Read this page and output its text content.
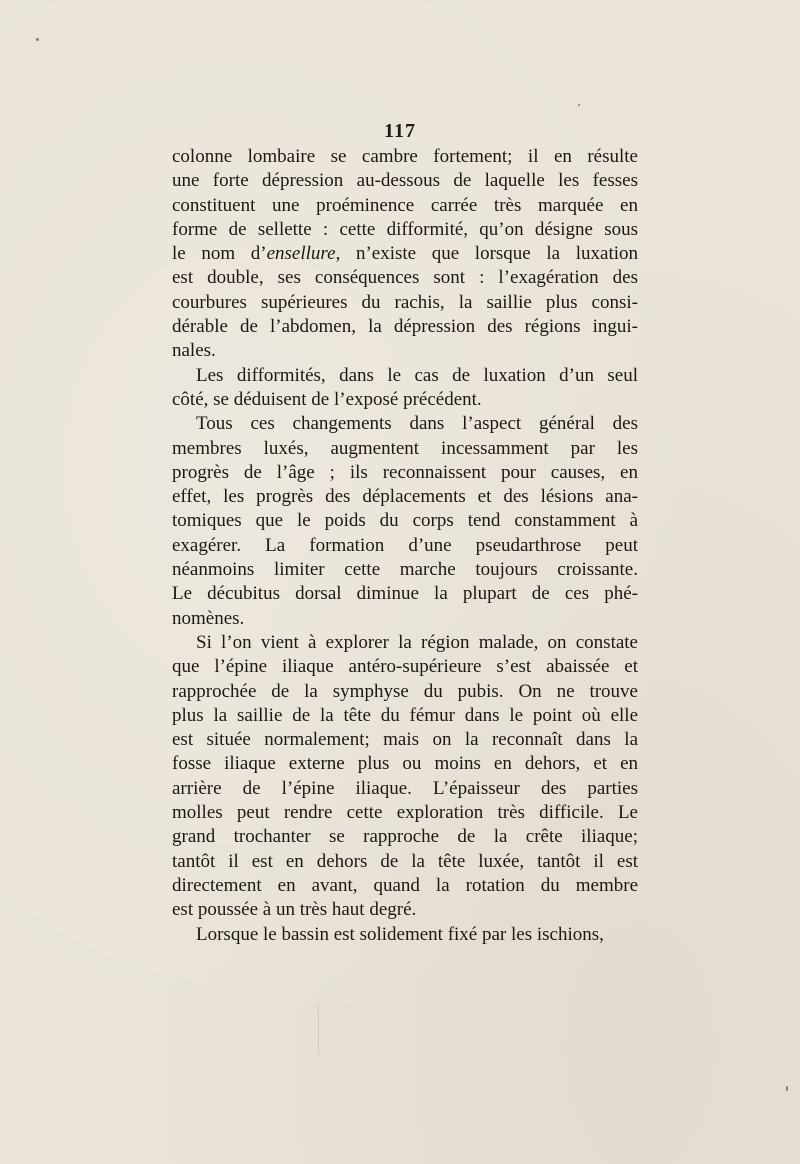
117

colonne lombaire se cambre fortement; il en résulte

une forte dépression au-dessous de laquelle les fesses

constituent une proéminence carrée très marquée en

forme de sellette : cette difformité, qu’on désigne sous

le nom d’ensellure, n’existe que lorsque la luxation

est double, ses conséquences sont : l’exagération des

courbures supérieures du rachis, la saillie plus consi-

dérable de l’abdomen, la dépression des régions ingui-

nales.

Les difformités, dans le cas de luxation d’un seul

côté, se déduisent de l’exposé précédent.

Tous ces changements dans l’aspect général des

membres luxés, augmentent incessamment par les

progrès de l’âge ; ils reconnaissent pour causes, en

effet, les progrès des déplacements et des lésions ana-

tomiques que le poids du corps tend constamment à

exagérer. La formation d’une pseudarthrose peut

néanmoins limiter cette marche toujours croissante.

Le décubitus dorsal diminue la plupart de ces phé-

nomènes.

Si l’on vient à explorer la région malade, on constate

que l’épine iliaque antéro-supérieure s’est abaissée et

rapprochée de la symphyse du pubis. On ne trouve

plus la saillie de la tête du fémur dans le point où elle

est située normalement; mais on la reconnaît dans la

fosse iliaque externe plus ou moins en dehors, et en

arrière de l’épine iliaque. L’épaisseur des parties

molles peut rendre cette exploration très difficile. Le

grand trochanter se rapproche de la crête iliaque;

tantôt il est en dehors de la tête luxée, tantôt il est

directement en avant, quand la rotation du membre

est poussée à un très haut degré.

Lorsque le bassin est solidement fixé par les ischions,
